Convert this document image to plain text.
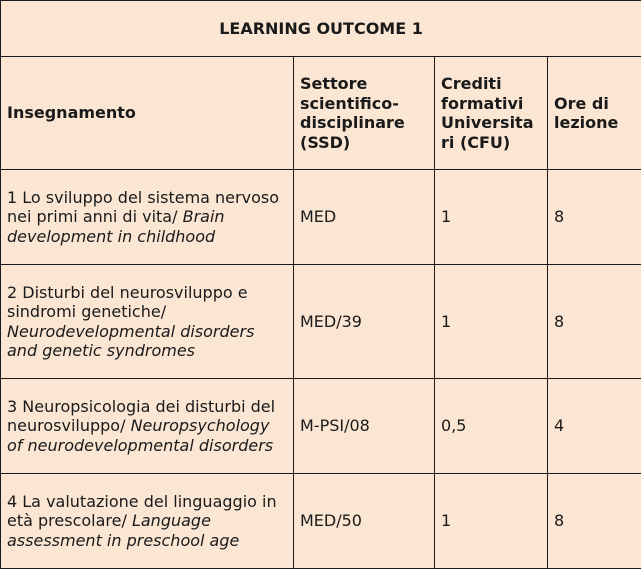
LEARNING OUTCOME 1			
Insegnamento	Settore scientifico-disciplinare (SSD)	Crediti formativi Universitari (CFU)	Ore di lezione
1 Lo sviluppo del sistema nervoso nei primi anni di vita/ Brain development in childhood	MED	1	8
2 Disturbi del neurosviluppo e sindromi genetiche/ Neurodevelopmental disorders and genetic syndromes	MED/39	1	8
3 Neuropsicologia dei disturbi del neurosviluppo/ Neuropsychology of neurodevelopmental disorders	M-PSI/08	0,5	4
4 La valutazione del linguaggio in età prescolare/ Language assessment in preschool age	MED/50	1	8
